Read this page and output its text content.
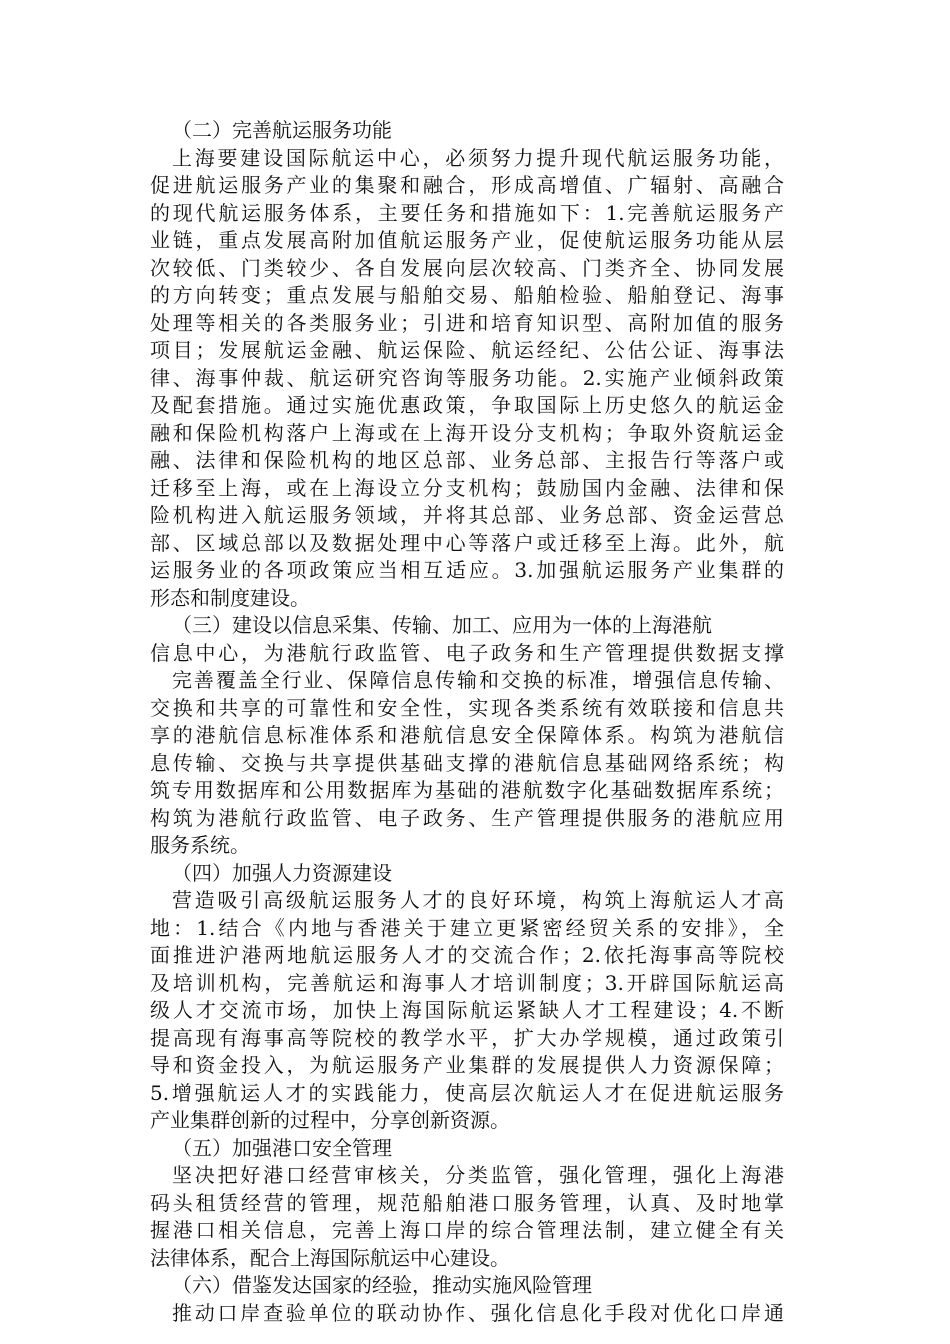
（二）完善航运服务功能
上海要建设国际航运中心，必须努力提升现代航运服务功能，
促进航运服务产业的集聚和融合，形成高增值、广辐射、高融合
的现代航运服务体系，主要任务和措施如下：1.完善航运服务产
业链，重点发展高附加值航运服务产业，促使航运服务功能从层
次较低、门类较少、各自发展向层次较高、门类齐全、协同发展
的方向转变；重点发展与船舶交易、船舶检验、船舶登记、海事
处理等相关的各类服务业；引进和培育知识型、高附加值的服务
项目；发展航运金融、航运保险、航运经纪、公估公证、海事法
律、海事仲裁、航运研究咨询等服务功能。2.实施产业倾斜政策
及配套措施。通过实施优惠政策，争取国际上历史悠久的航运金
融和保险机构落户上海或在上海开设分支机构；争取外资航运金
融、法律和保险机构的地区总部、业务总部、主报告行等落户或
迁移至上海，或在上海设立分支机构；鼓励国内金融、法律和保
险机构进入航运服务领域，并将其总部、业务总部、资金运营总
部、区域总部以及数据处理中心等落户或迁移至上海。此外，航
运服务业的各项政策应当相互适应。3.加强航运服务产业集群的
形态和制度建设。
（三）建设以信息采集、传输、加工、应用为一体的上海港航
信息中心，为港航行政监管、电子政务和生产管理提供数据支撑
完善覆盖全行业、保障信息传输和交换的标准，增强信息传输、
交换和共享的可靠性和安全性，实现各类系统有效联接和信息共
享的港航信息标准体系和港航信息安全保障体系。构筑为港航信
息传输、交换与共享提供基础支撑的港航信息基础网络系统；构
筑专用数据库和公用数据库为基础的港航数字化基础数据库系统；
构筑为港航行政监管、电子政务、生产管理提供服务的港航应用
服务系统。
（四）加强人力资源建设
营造吸引高级航运服务人才的良好环境，构筑上海航运人才高
地：1.结合《内地与香港关于建立更紧密经贸关系的安排》，全
面推进沪港两地航运服务人才的交流合作；2.依托海事高等院校
及培训机构，完善航运和海事人才培训制度；3.开辟国际航运高
级人才交流市场，加快上海国际航运紧缺人才工程建设；4.不断
提高现有海事高等院校的教学水平，扩大办学规模，通过政策引
导和资金投入，为航运服务产业集群的发展提供人力资源保障；
5.增强航运人才的实践能力，使高层次航运人才在促进航运服务
产业集群创新的过程中，分享创新资源。
（五）加强港口安全管理
坚决把好港口经营审核关，分类监管，强化管理，强化上海港
码头租赁经营的管理，规范船舶港口服务管理，认真、及时地掌
握港口相关信息，完善上海口岸的综合管理法制，建立健全有关
法律体系，配合上海国际航运中心建设。
（六）借鉴发达国家的经验，推动实施风险管理
推动口岸查验单位的联动协作、强化信息化手段对优化口岸通
